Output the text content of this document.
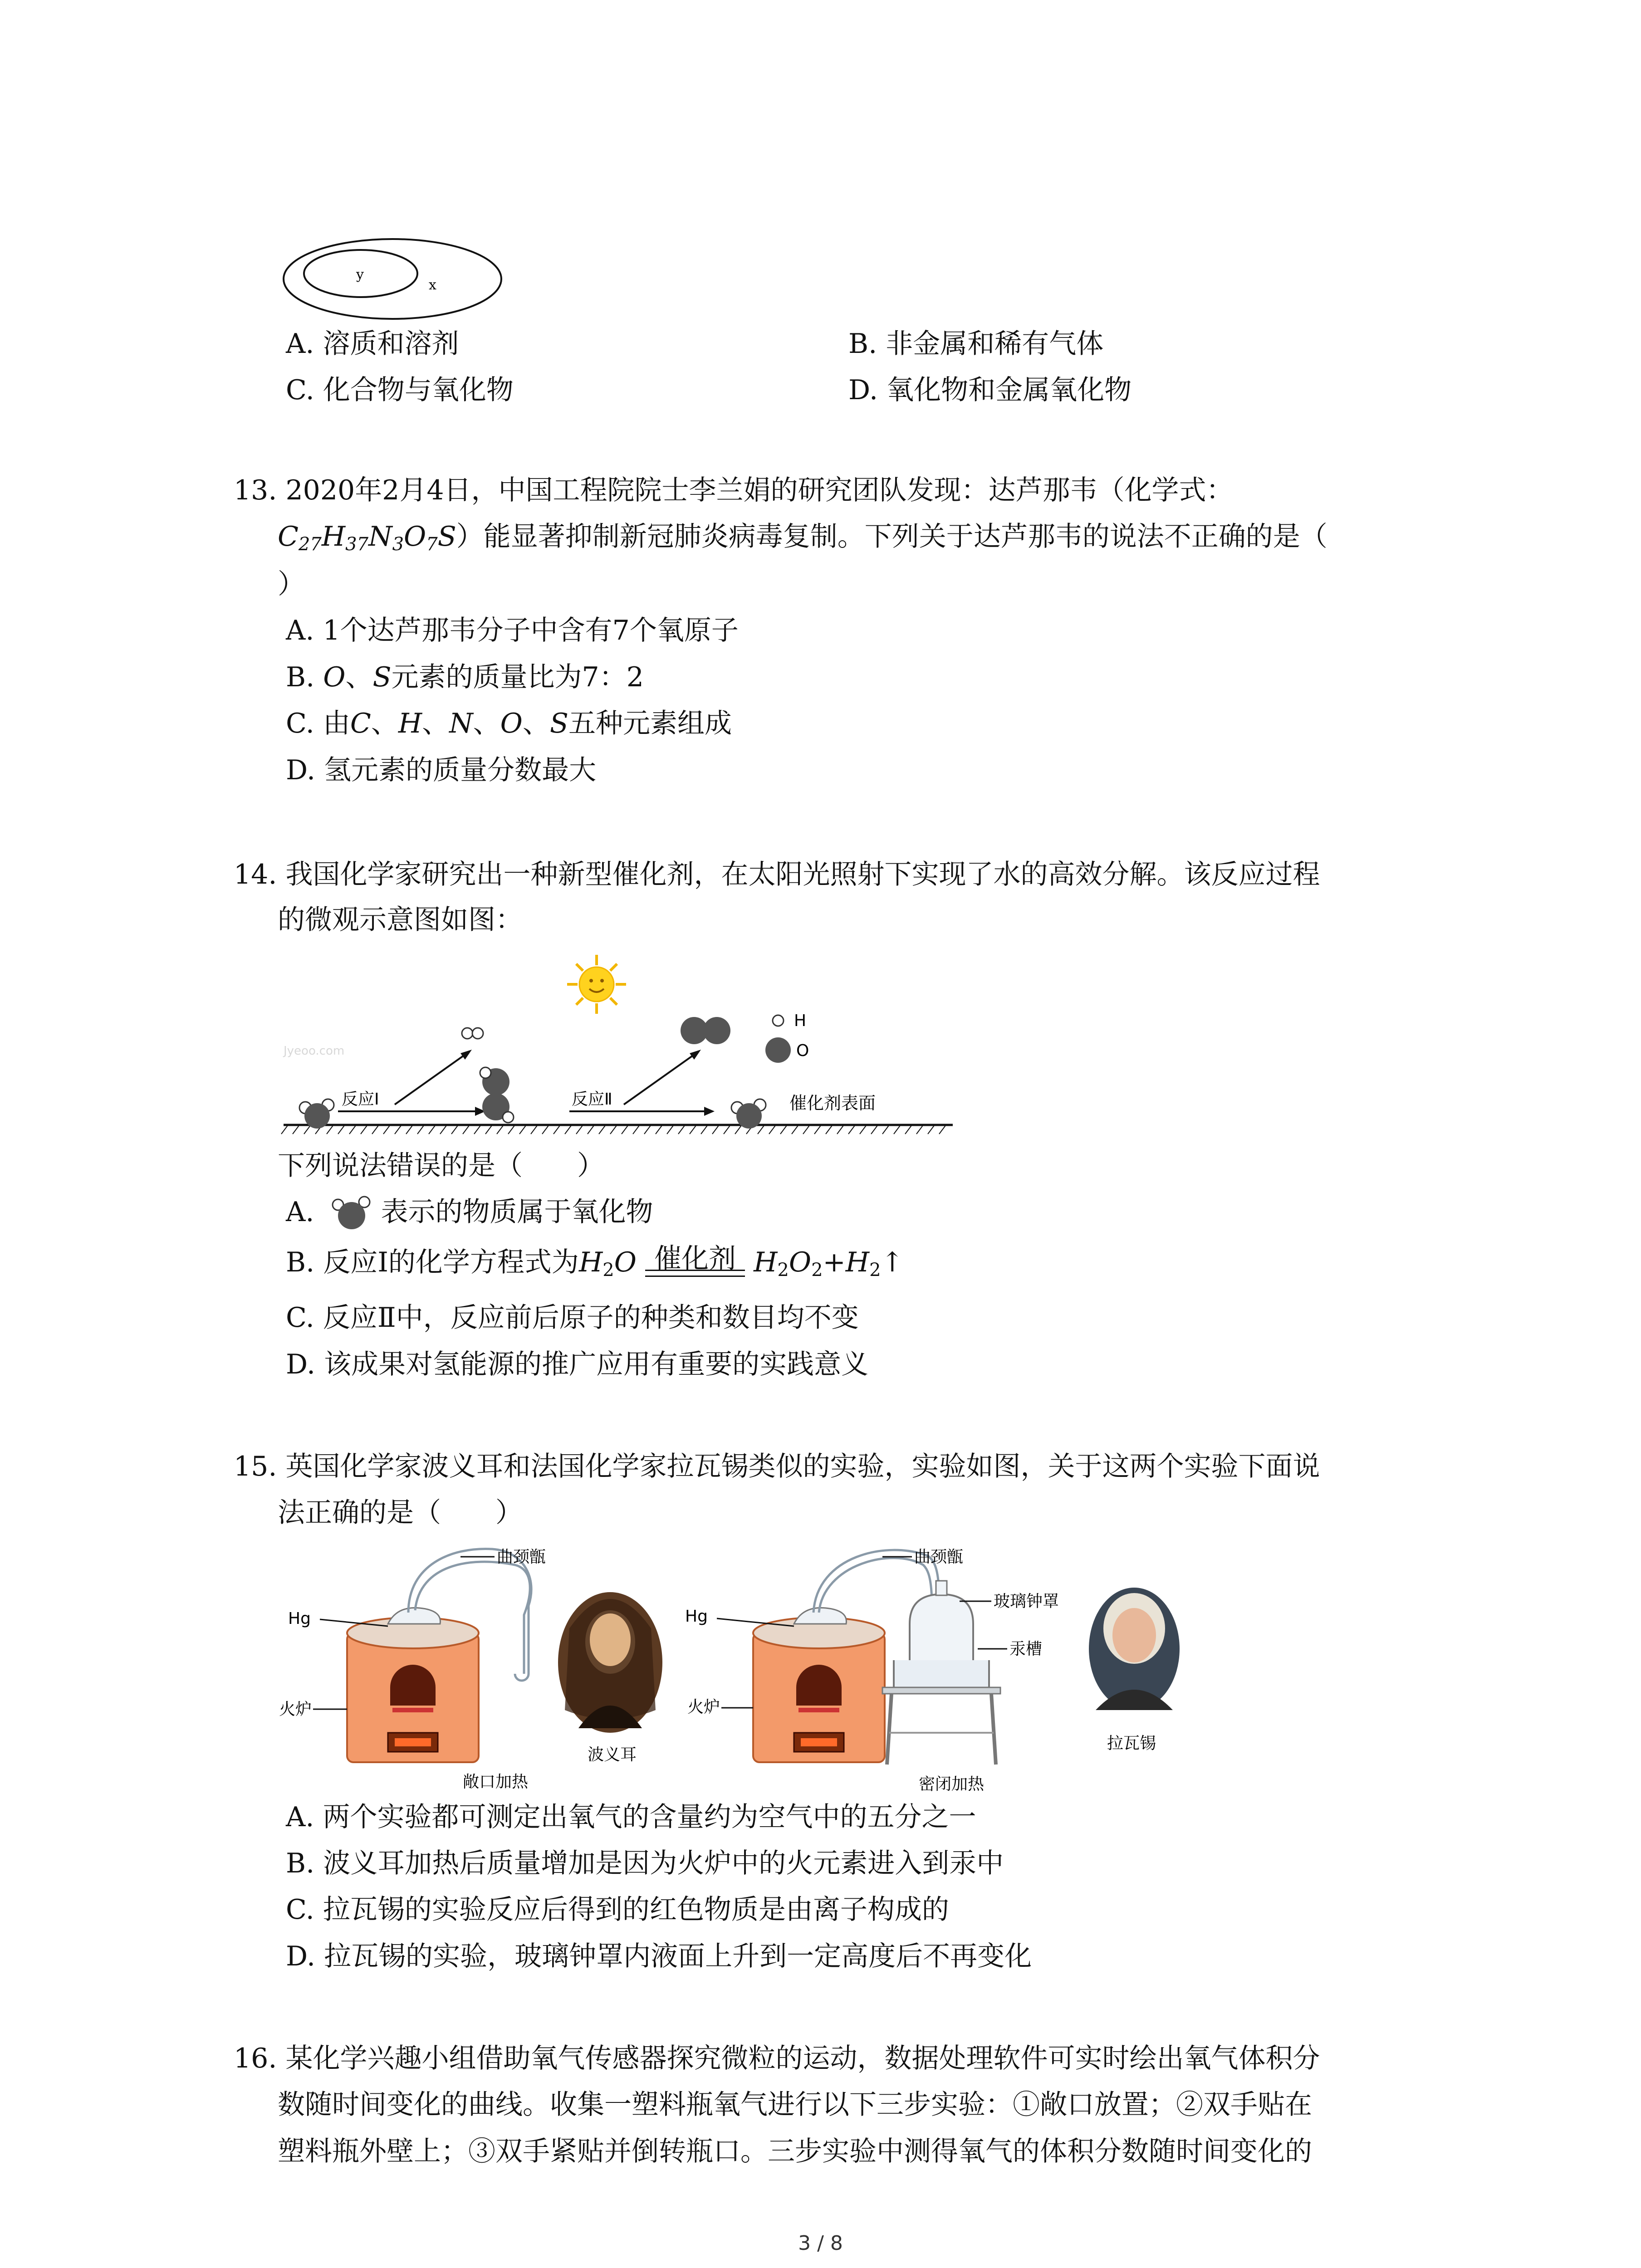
y
x
A. 溶质和溶剂	B. 非金属和稀有气体
C. 化合物与氧化物	D. 氧化物和金属氧化物
13. 2020年2月4日，中国工程院院士李兰娟的研究团队发现：达芦那韦（化学式：
$C_{27}H_{37}N_3O_7S$）能显著抑制新冠肺炎病毒复制。下列关于达芦那韦的说法不正确的是（
）
A. 1个达芦那韦分子中含有7个氧原子
B. O、S元素的质量比为7：2
C. 由C、H、N、O、S五种元素组成
D. 氢元素的质量分数最大
14. 我国化学家研究出一种新型催化剂，在太阳光照射下实现了水的高效分解。该反应过程
的微观示意图如图：
Jyeoo.com
反应Ⅰ	反应Ⅱ	催化剂表面
H
O
下列说法错误的是（　　）
A. 表示的物质属于氧化物
B. 反应Ⅰ的化学方程式为$H_2O$ 催化剂 $H_2O_2+H_2↑$
C. 反应Ⅱ中，反应前后原子的种类和数目均不变
D. 该成果对氢能源的推广应用有重要的实践意义
15. 英国化学家波义耳和法国化学家拉瓦锡类似的实验，实验如图，关于这两个实验下面说
法正确的是（　　）
曲颈甑
Hg
火炉
敞口加热
波义耳
曲颈甑
Hg
火炉
密闭加热
玻璃钟罩
汞槽
拉瓦锡
A. 两个实验都可测定出氧气的含量约为空气中的五分之一
B. 波义耳加热后质量增加是因为火炉中的火元素进入到汞中
C. 拉瓦锡的实验反应后得到的红色物质是由离子构成的
D. 拉瓦锡的实验，玻璃钟罩内液面上升到一定高度后不再变化
16. 某化学兴趣小组借助氧气传感器探究微粒的运动，数据处理软件可实时绘出氧气体积分
数随时间变化的曲线。收集一塑料瓶氧气进行以下三步实验：①敞口放置；②双手贴在
塑料瓶外壁上；③双手紧贴并倒转瓶口。三步实验中测得氧气的体积分数随时间变化的
3 / 8
